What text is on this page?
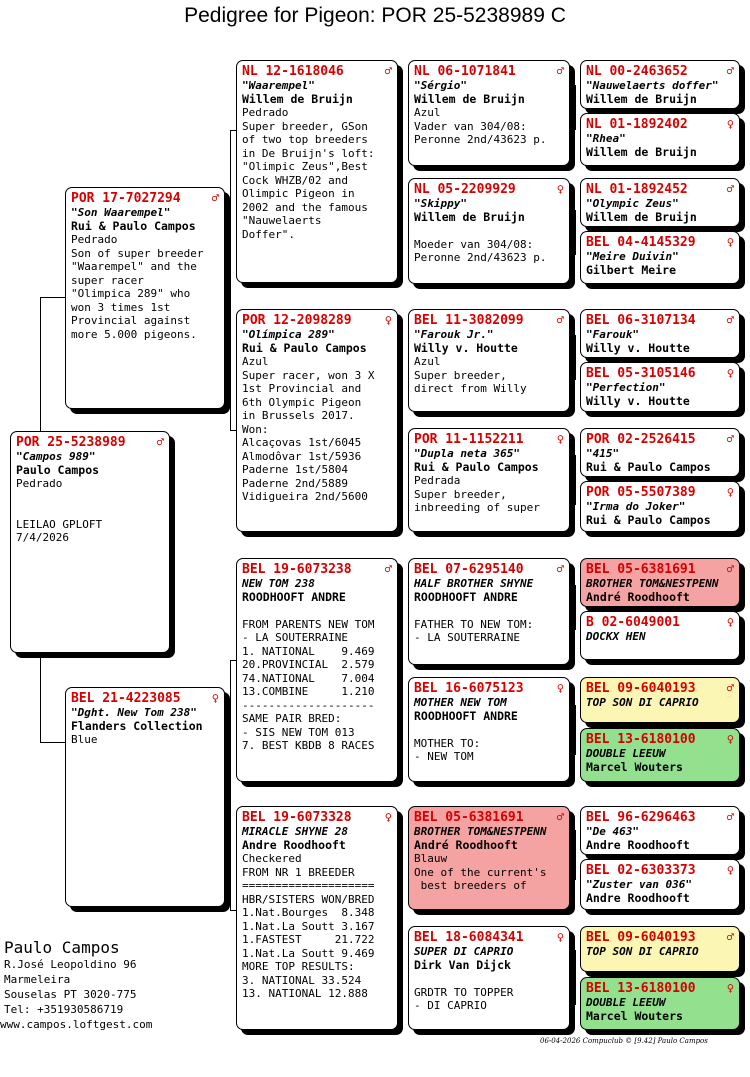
Pedigree for Pigeon: POR 25-5238989 C
POR 25-5238989	♂
"Campos 989"
Paulo Campos
Pedrado

LEILAO GPLOFT
7/4/2026
POR 17-7027294	♂
"Son Waarempel"
Rui & Paulo Campos
Pedrado
Son of super breeder
"Waarempel" and the
super racer
"Olimpica 289" who
won 3 times 1st
Provincial against
more 5.000 pigeons.
BEL 21-4223085	♀
"Dght. New Tom 238"
Flanders Collection
Blue
NL 12-1618046	♂
"Waarempel"
Willem de Bruijn
Pedrado
Super breeder, GSon
of two top breeders
in De Bruijn's loft:
"Olimpic Zeus",Best
Cock WHZB/02 and
Olimpic Pigeon in
2002 and the famous
"Nauwelaerts
Doffer".
POR 12-2098289	♀
"Olímpica 289"
Rui & Paulo Campos
Azul
Super racer, won 3 X
1st Provincial and
6th Olympic Pigeon
in Brussels 2017.
Won:
Alcaçovas 1st/6045
Almodôvar 1st/5936
Paderne 1st/5804
Paderne 2nd/5889
Vidigueira 2nd/5600
BEL 19-6073238	♂
NEW TOM 238
ROODHOOFT ANDRE

FROM PARENTS NEW TOM
- LA SOUTERRAINE
1. NATIONAL    9.469
20.PROVINCIAL  2.579
74.NATIONAL    7.004
13.COMBINE     1.210
--------------------
SAME PAIR BRED:
- SIS NEW TOM 013
7. BEST KBDB 8 RACES
BEL 19-6073328	♀
MIRACLE SHYNE 28
Andre Roodhooft
Checkered
FROM NR 1 BREEDER
====================
HBR/SISTERS WON/BRED
1.Nat.Bourges  8.348
1.Nat.La Soutt 3.167
1.FASTEST     21.722
1.Nat.La Soutt 9.469
MORE TOP RESULTS:
3. NATIONAL 33.524
13. NATIONAL 12.888
NL 06-1071841	♂
"Sérgio"
Willem de Bruijn
Azul
Vader van 304/08:
Peronne 2nd/43623 p.
NL 05-2209929	♀
"Skippy"
Willem de Bruijn

Moeder van 304/08:
Peronne 2nd/43623 p.
BEL 11-3082099	♂
"Farouk Jr."
Willy v. Houtte
Azul
Super breeder,
direct from Willy
POR 11-1152211	♀
"Dupla neta 365"
Rui & Paulo Campos
Pedrada
Super breeder,
inbreeding of super
BEL 07-6295140	♂
HALF BROTHER SHYNE
ROODHOOFT ANDRE

FATHER TO NEW TOM:
- LA SOUTERRAINE
BEL 16-6075123	♀
MOTHER NEW TOM
ROODHOOFT ANDRE

MOTHER TO:
- NEW TOM
BEL 05-6381691	♂
BROTHER TOM&NESTPENN
André Roodhooft
Blauw
One of the current's
best breeders of
BEL 18-6084341	♀
SUPER DI CAPRIO
Dirk Van Dijck

GRDTR TO TOPPER
- DI CAPRIO
NL 00-2463652	♂
"Nauwelaerts doffer"
Willem de Bruijn
NL 01-1892402	♀
"Rhea"
Willem de Bruijn
NL 01-1892452	♂
"Olympic Zeus"
Willem de Bruijn
BEL 04-4145329	♀
"Meire Duivin"
Gilbert Meire
BEL 06-3107134	♂
"Farouk"
Willy v. Houtte
BEL 05-3105146	♀
"Perfection"
Willy v. Houtte
POR 02-2526415	♂
"415"
Rui & Paulo Campos
POR 05-5507389	♀
"Irma do Joker"
Rui & Paulo Campos
BEL 05-6381691	♂
BROTHER TOM&NESTPENN
André Roodhooft
B 02-6049001	♀
DOCKX HEN
BEL 09-6040193	♂
TOP SON DI CAPRIO
BEL 13-6180100	♀
DOUBLE LEEUW
Marcel Wouters
BEL 96-6296463	♂
"De 463"
Andre Roodhooft
BEL 02-6303373	♀
"Zuster van 036"
Andre Roodhooft
BEL 09-6040193	♂
TOP SON DI CAPRIO
BEL 13-6180100	♀
DOUBLE LEEUW
Marcel Wouters
Paulo Campos
R.José Leopoldino 96
Marmeleira
Souselas PT 3020-775
Tel: +351930586719
www.campos.loftgest.com
06-04-2026 Compuclub © [9.42] Paulo Campos
